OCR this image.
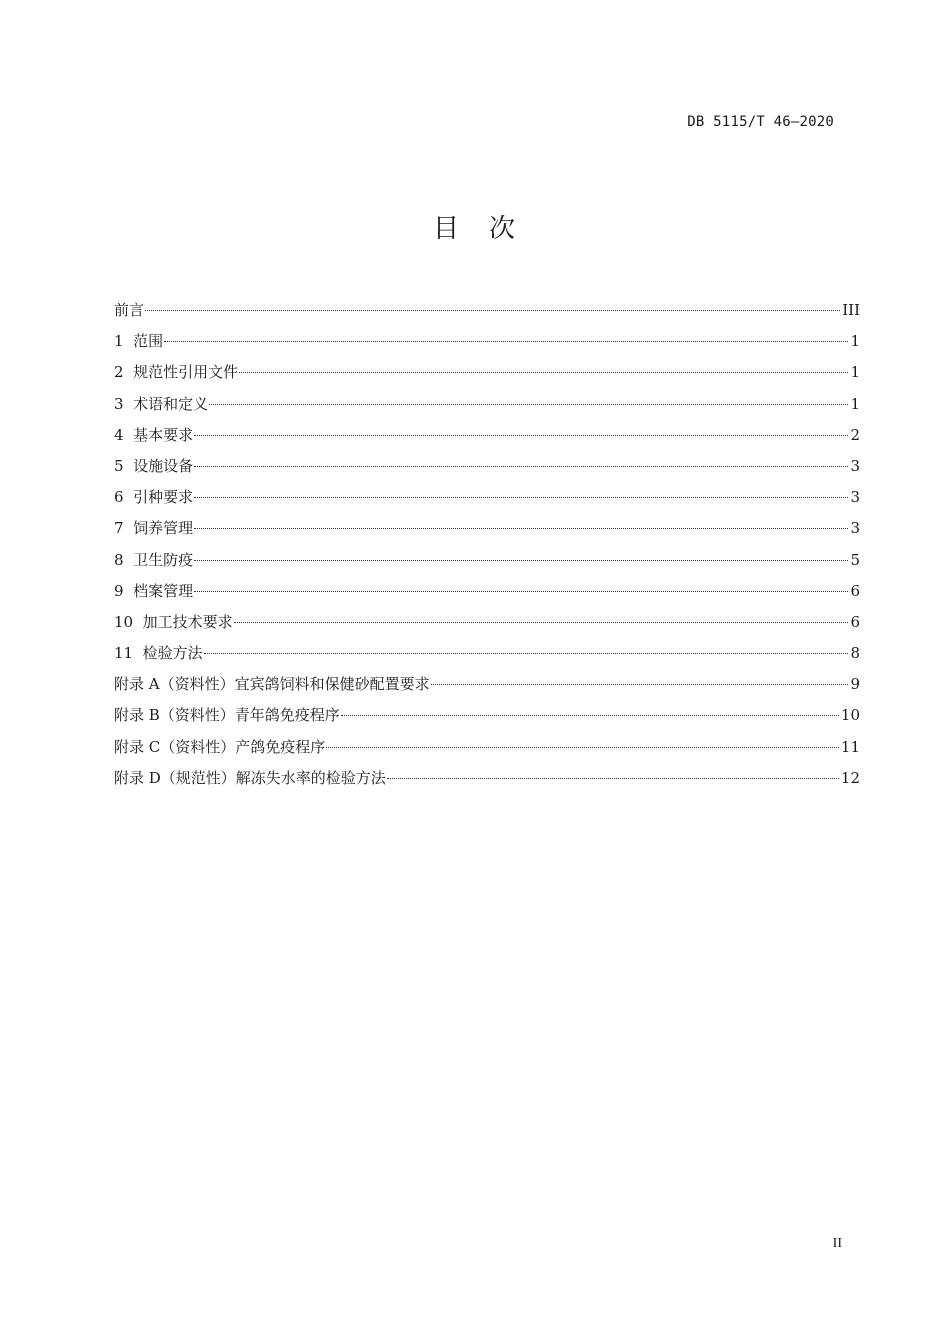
DB 5115/T 46—2020
目 次
前言	III
1  范围	1
2  规范性引用文件	1
3  术语和定义	1
4  基本要求	2
5  设施设备	3
6  引种要求	3
7  饲养管理	3
8  卫生防疫	5
9  档案管理	6
10  加工技术要求	6
11  检验方法	8
附录 A（资料性）宜宾鸽饲料和保健砂配置要求	9
附录 B（资料性）青年鸽免疫程序	10
附录 C（资料性）产鸽免疫程序	11
附录 D（规范性）解冻失水率的检验方法	12
II
